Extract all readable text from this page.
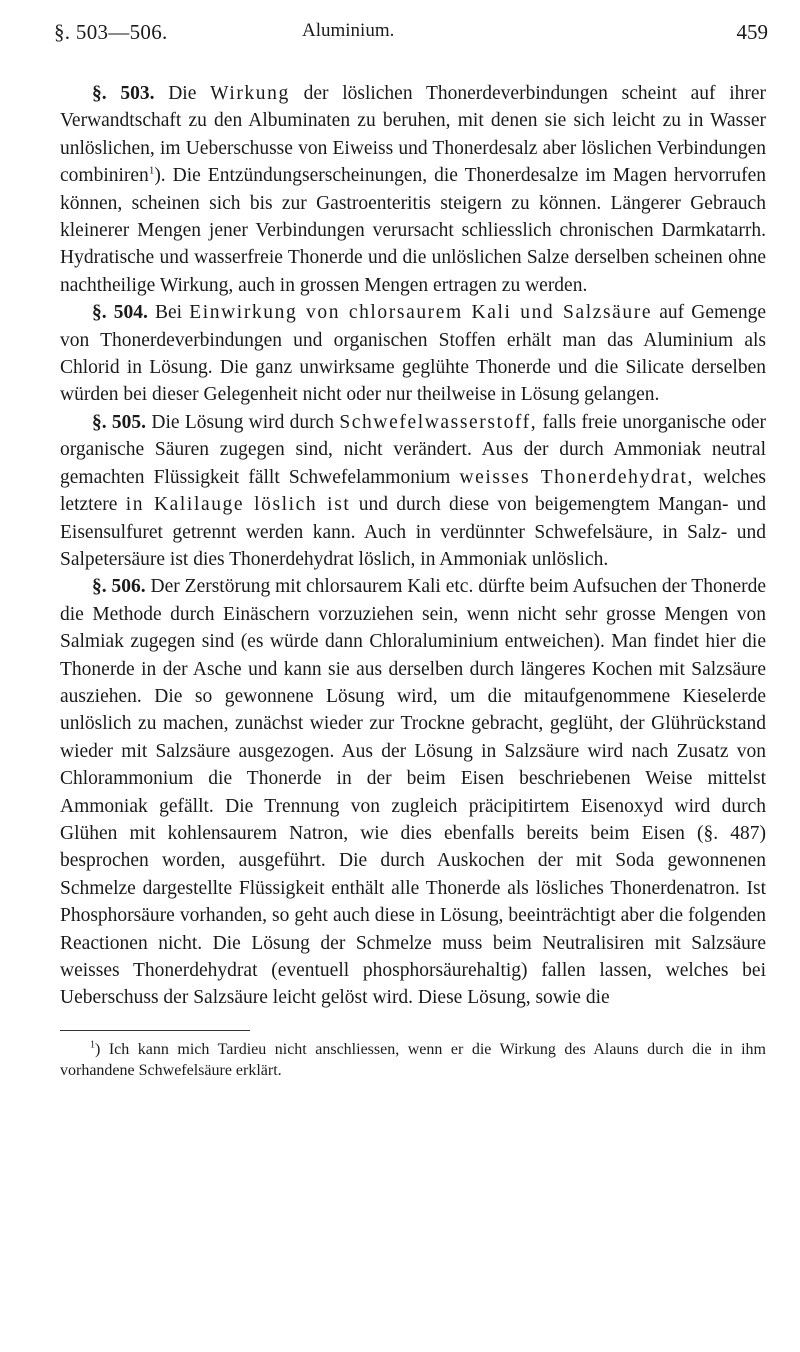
§. 503—506.	Aluminium.	459

§. 503. Die Wirkung der löslichen Thonerdeverbindungen scheint auf ihrer Verwandtschaft zu den Albuminaten zu beruhen, mit denen sie sich leicht zu in Wasser unlöslichen, im Ueberschusse von Eiweiss und Thonerdesalz aber löslichen Verbindungen combiniren$^1$). Die Entzündungserscheinungen, die Thonerdesalze im Magen hervorrufen können, scheinen sich bis zur Gastroenteritis steigern zu können. Längerer Gebrauch kleinerer Mengen jener Verbindungen verursacht schliesslich chronischen Darmkatarrh. Hydratische und wasserfreie Thonerde und die unlöslichen Salze derselben scheinen ohne nachtheilige Wirkung, auch in grossen Mengen ertragen zu werden.

§. 504. Bei Einwirkung von chlorsaurem Kali und Salzsäure auf Gemenge von Thonerdeverbindungen und organischen Stoffen erhält man das Aluminium als Chlorid in Lösung. Die ganz unwirksame geglühte Thonerde und die Silicate derselben würden bei dieser Gelegenheit nicht oder nur theilweise in Lösung gelangen.

§. 505. Die Lösung wird durch Schwefelwasserstoff, falls freie unorganische oder organische Säuren zugegen sind, nicht verändert. Aus der durch Ammoniak neutral gemachten Flüssigkeit fällt Schwefelammonium weisses Thonerdehydrat, welches letztere in Kalilauge löslich ist und durch diese von beigemengtem Mangan- und Eisensulfuret getrennt werden kann. Auch in verdünnter Schwefelsäure, in Salz- und Salpetersäure ist dies Thonerdehydrat löslich, in Ammoniak unlöslich.

§. 506. Der Zerstörung mit chlorsaurem Kali etc. dürfte beim Aufsuchen der Thonerde die Methode durch Einäschern vorzuziehen sein, wenn nicht sehr grosse Mengen von Salmiak zugegen sind (es würde dann Chloraluminium entweichen). Man findet hier die Thonerde in der Asche und kann sie aus derselben durch längeres Kochen mit Salzsäure ausziehen. Die so gewonnene Lösung wird, um die mitaufgenommene Kieselerde unlöslich zu machen, zunächst wieder zur Trockne gebracht, geglüht, der Glührückstand wieder mit Salzsäure ausgezogen. Aus der Lösung in Salzsäure wird nach Zusatz von Chlorammonium die Thonerde in der beim Eisen beschriebenen Weise mittelst Ammoniak gefällt. Die Trennung von zugleich präcipitirtem Eisenoxyd wird durch Glühen mit kohlensaurem Natron, wie dies ebenfalls bereits beim Eisen (§. 487) besprochen worden, ausgeführt. Die durch Auskochen der mit Soda gewonnenen Schmelze dargestellte Flüssigkeit enthält alle Thonerde als lösliches Thonerdenatron. Ist Phosphorsäure vorhanden, so geht auch diese in Lösung, beeinträchtigt aber die folgenden Reactionen nicht. Die Lösung der Schmelze muss beim Neutralisiren mit Salzsäure weisses Thonerdehydrat (eventuell phosphorsäurehaltig) fallen lassen, welches bei Ueberschuss der Salzsäure leicht gelöst wird. Diese Lösung, sowie die

$^1$) Ich kann mich Tardieu nicht anschliessen, wenn er die Wirkung des Alauns durch die in ihm vorhandene Schwefelsäure erklärt.
